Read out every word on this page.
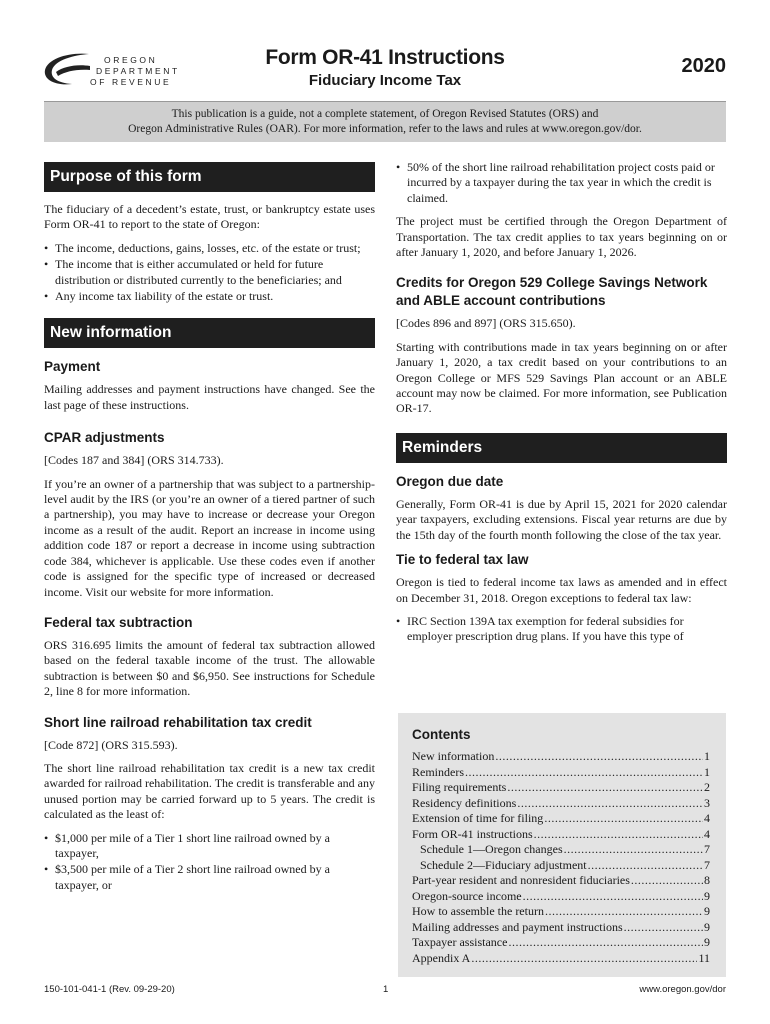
OREGON
DEPARTMENT
OF REVENUE
Form OR-41 Instructions
Fiduciary Income Tax
2020
This publication is a guide, not a complete statement, of Oregon Revised Statutes (ORS) and
Oregon Administrative Rules (OAR). For more information, refer to the laws and rules at www.oregon.gov/dor.
Purpose of this form

The fiduciary of a decedent’s estate, trust, or bankruptcy estate uses Form OR-41 to report to the state of Oregon:

• The income, deductions, gains, losses, etc. of the estate or trust;
• The income that is either accumulated or held for future distribution or distributed currently to the beneficiaries; and
• Any income tax liability of the estate or trust.
New information
Payment

Mailing addresses and payment instructions have changed. See the last page of these instructions.

CPAR adjustments

[Codes 187 and 384] (ORS 314.733).

If you’re an owner of a partnership that was subject to a partnership-level audit by the IRS (or you’re an owner of a tiered partner of such a partnership), you may have to increase or decrease your Oregon income as a result of the audit. Report an increase in income using addition code 187 or report a decrease in income using subtraction code 384, whichever is applicable. Use these codes even if another code is assigned for the specific type of increased or decreased income. Visit our website for more information.

Federal tax subtraction

ORS 316.695 limits the amount of federal tax subtraction allowed based on the federal taxable income of the trust. The allowable subtraction is between $0 and $6,950. See instructions for Schedule 2, line 8 for more information.

Short line railroad rehabilitation tax credit

[Code 872] (ORS 315.593).

The short line railroad rehabilitation tax credit is a new tax credit awarded for railroad rehabilitation. The credit is transferable and any unused portion may be carried forward up to 5 years. The credit is calculated as the least of:

• $1,000 per mile of a Tier 1 short line railroad owned by a taxpayer,
• $3,500 per mile of a Tier 2 short line railroad owned by a taxpayer, or
• 50% of the short line railroad rehabilitation project costs paid or incurred by a taxpayer during the tax year in which the credit is claimed.

The project must be certified through the Oregon Department of Transportation. The tax credit applies to tax years beginning on or after January 1, 2020, and before January 1, 2026.

Credits for Oregon 529 College Savings Network and ABLE account contributions

[Codes 896 and 897] (ORS 315.650).

Starting with contributions made in tax years beginning on or after January 1, 2020, a tax credit based on your contributions to an Oregon College or MFS 529 Savings Plan account or an ABLE account may now be claimed. For more information, see Publication OR-17.

Reminders
Oregon due date

Generally, Form OR-41 is due by April 15, 2021 for 2020 calendar year taxpayers, excluding extensions. Fiscal year returns are due by the 15th day of the fourth month following the close of the tax year.

Tie to federal tax law

Oregon is tied to federal income tax laws as amended and in effect on December 31, 2018. Oregon exceptions to federal tax law:

• IRC Section 139A tax exemption for federal subsidies for employer prescription drug plans. If you have this type of
Contents
New information .....	1
Reminders .....	1
Filing requirements .....	2
Residency definitions .....	3
Extension of time for filing .....	4
Form OR-41 instructions .....	4
Schedule 1—Oregon changes .....	7
Schedule 2—Fiduciary adjustment .....	7
Part-year resident and nonresident fiduciaries .....	8
Oregon-source income .....	9
How to assemble the return .....	9
Mailing addresses and payment instructions .....	9
Taxpayer assistance .....	9
Appendix A .....	11
150-101-041-1 (Rev. 09-29-20)	1	www.oregon.gov/dor
